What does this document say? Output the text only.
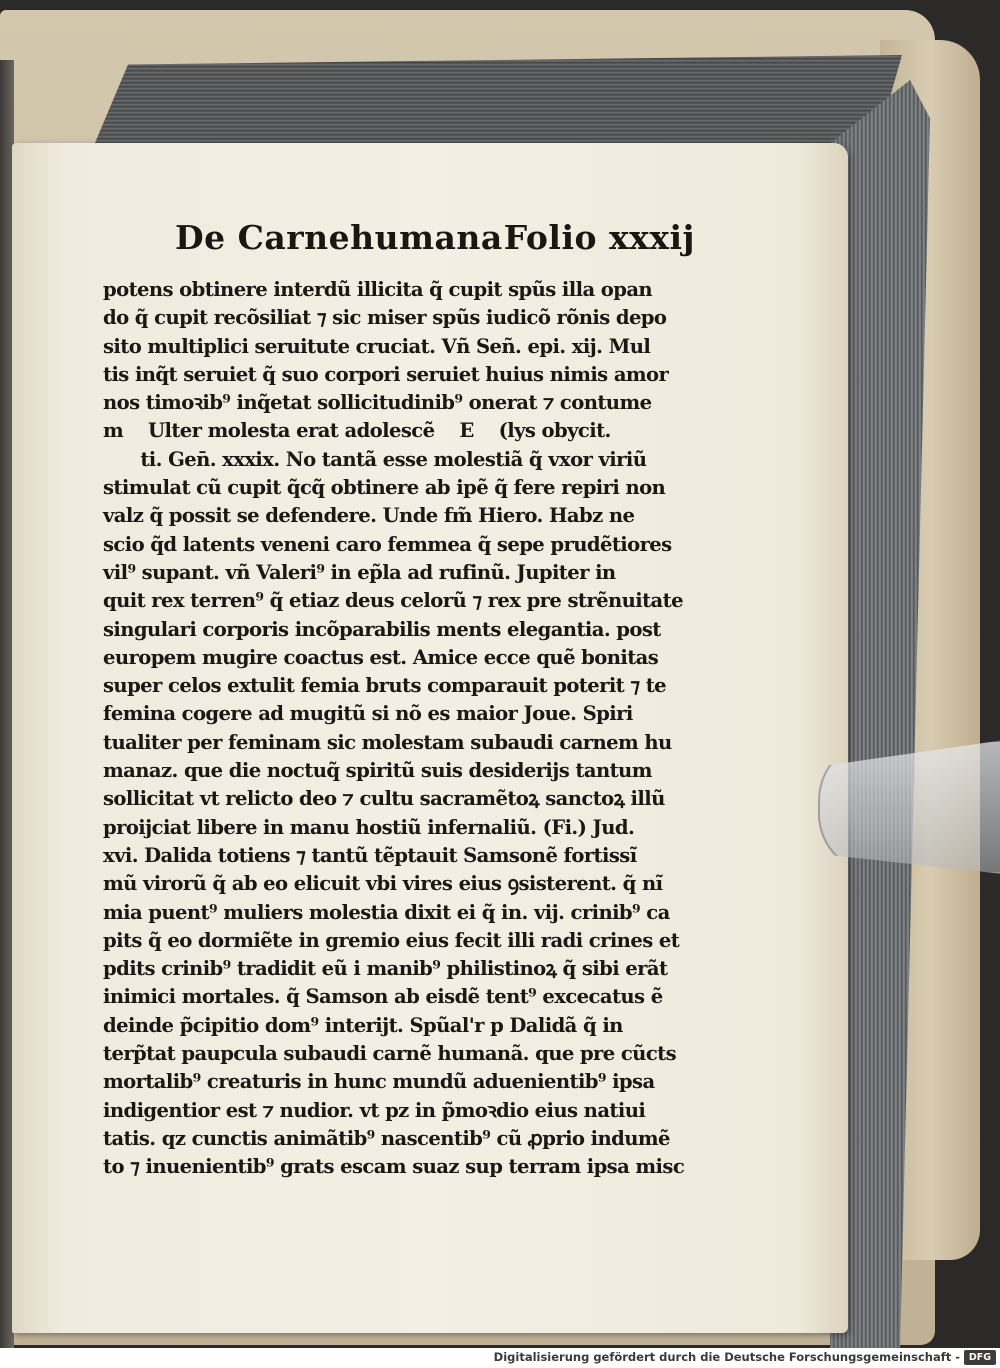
De Carnehumana Folio xxxij
potens obtinere interdũ illicita q̃ cupit spũs illa opan
do q̃ cupit recõsiliat ⁊ sic miser spũs iudicõ rõnis depo
sito multiplici seruitute cruciat. Vñ Señ. epi. xij. Mul
tis inq̃t seruiet q̃ suo corpori seruiet huius nimis amor
nos timoꝛib⁹ inq̃etat sollicitudinib⁹ onerat ⁊ contume
m    Ulter molesta erat adolescẽ    E    (lys obycit.
ti. Gen̄. xxxix. No tantã esse molestiã q̃ vxor viriũ
stimulat cũ cupit q̃cq̃ obtinere ab ipẽ q̃ fere repiri non
valz q̃ possit se defendere. Unde fm̃ Hiero. Habz ne
scio q̃d latents veneni caro femmea q̃ sepe prudẽtiores
vil⁹ supant. vñ Valeri⁹ in ep̃la ad rufinũ. Jupiter in
quit rex terren⁹ q̃ etiaz deus celorũ ⁊ rex pre strẽnuitate
singulari corporis incõparabilis ments elegantia. post
europem mugire coactus est. Amice ecce quẽ bonitas
super celos extulit femia bruts comparauit poterit ⁊ te
femina cogere ad mugitũ si nõ es maior Joue. Spiri
tualiter per feminam sic molestam subaudi carnem hu
manaz. que die noctuq̃ spiritũ suis desiderijs tantum
sollicitat vt relicto deo ⁊ cultu sacramẽtoꝝ sanctoꝝ illũ
proijciat libere in manu hostiũ infernaliũ. (Fi.) Jud.
xvi. Dalida totiens ⁊ tantũ tẽptauit Samsonẽ fortissĩ
mũ virorũ q̃ ab eo elicuit vbi vires eius ꝯsisterent. q̃ nĩ
mia puent⁹ muliers molestia dixit ei q̃ in. vij. crinib⁹ ca
pits q̃ eo dormiẽte in gremio eius fecit illi radi crines et
pdits crinib⁹ tradidit eũ i manib⁹ philistinoꝝ q̃ sibi erãt
inimici mortales. q̃ Samson ab eisdẽ tent⁹ excecatus ẽ
deinde p̃cipitio dom⁹ interijt. Spũal'r p Dalidã q̃ in
terp̃tat paupcula subaudi carnẽ humanã. que pre cũcts
mortalib⁹ creaturis in hunc mundũ aduenientib⁹ ipsa
indigentior est ⁊ nudior. vt pz in p̃moꝛdio eius natiui
tatis. qz cunctis animãtib⁹ nascentib⁹ cũ ꝓprio indumẽ
to ⁊ inuenientib⁹ grats escam suaz sup terram ipsa misc
Digitalisierung gefördert durch die Deutsche Forschungsgemeinschaft - DFG
